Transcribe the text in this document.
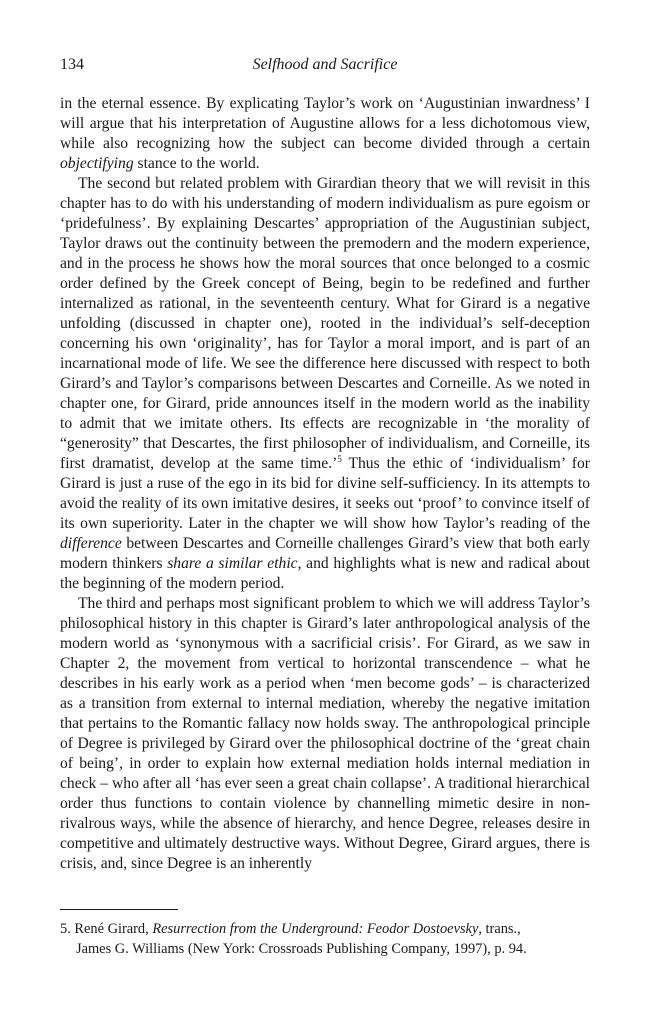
134	Selfhood and Sacrifice

in the eternal essence. By explicating Taylor’s work on ‘Augustinian inwardness’ I will argue that his interpretation of Augustine allows for a less dichotomous view, while also recognizing how the subject can become divided through a certain objectifying stance to the world.

The second but related problem with Girardian theory that we will revisit in this chapter has to do with his understanding of modern individualism as pure egoism or ‘pridefulness’. By explaining Descartes’ appropriation of the Augustinian subject, Taylor draws out the continuity between the premodern and the modern experience, and in the process he shows how the moral sources that once belonged to a cosmic order defined by the Greek concept of Being, begin to be redefined and further internalized as rational, in the seventeenth century. What for Girard is a negative unfolding (discussed in chapter one), rooted in the individual’s self-deception concerning his own ‘originality’, has for Taylor a moral import, and is part of an incarnational mode of life. We see the difference here discussed with respect to both Girard’s and Taylor’s comparisons between Descartes and Corneille. As we noted in chapter one, for Girard, pride announces itself in the modern world as the inability to admit that we imitate others. Its effects are recognizable in ‘the morality of “generosity” that Descartes, the first philosopher of individualism, and Corneille, its first dramatist, develop at the same time.’$^5$ Thus the ethic of ‘individualism’ for Girard is just a ruse of the ego in its bid for divine self-sufficiency. In its attempts to avoid the reality of its own imitative desires, it seeks out ‘proof’ to convince itself of its own superiority. Later in the chapter we will show how Taylor’s reading of the difference between Descartes and Corneille challenges Girard’s view that both early modern thinkers share a similar ethic, and highlights what is new and radical about the beginning of the modern period.

The third and perhaps most significant problem to which we will address Taylor’s philosophical history in this chapter is Girard’s later anthropological analysis of the modern world as ‘synonymous with a sacrificial crisis’. For Girard, as we saw in Chapter 2, the movement from vertical to horizontal transcendence – what he describes in his early work as a period when ‘men become gods’ – is characterized as a transition from external to internal mediation, whereby the negative imitation that pertains to the Romantic fallacy now holds sway. The anthropological principle of Degree is privileged by Girard over the philosophical doctrine of the ‘great chain of being’, in order to explain how external mediation holds internal mediation in check – who after all ‘has ever seen a great chain collapse’. A traditional hierarchical order thus functions to contain violence by channelling mimetic desire in non-rivalrous ways, while the absence of hierarchy, and hence Degree, releases desire in competitive and ultimately destructive ways. Without Degree, Girard argues, there is crisis, and, since Degree is an inherently

5. René Girard, Resurrection from the Underground: Feodor Dostoevsky, trans.,
James G. Williams (New York: Crossroads Publishing Company, 1997), p. 94.
